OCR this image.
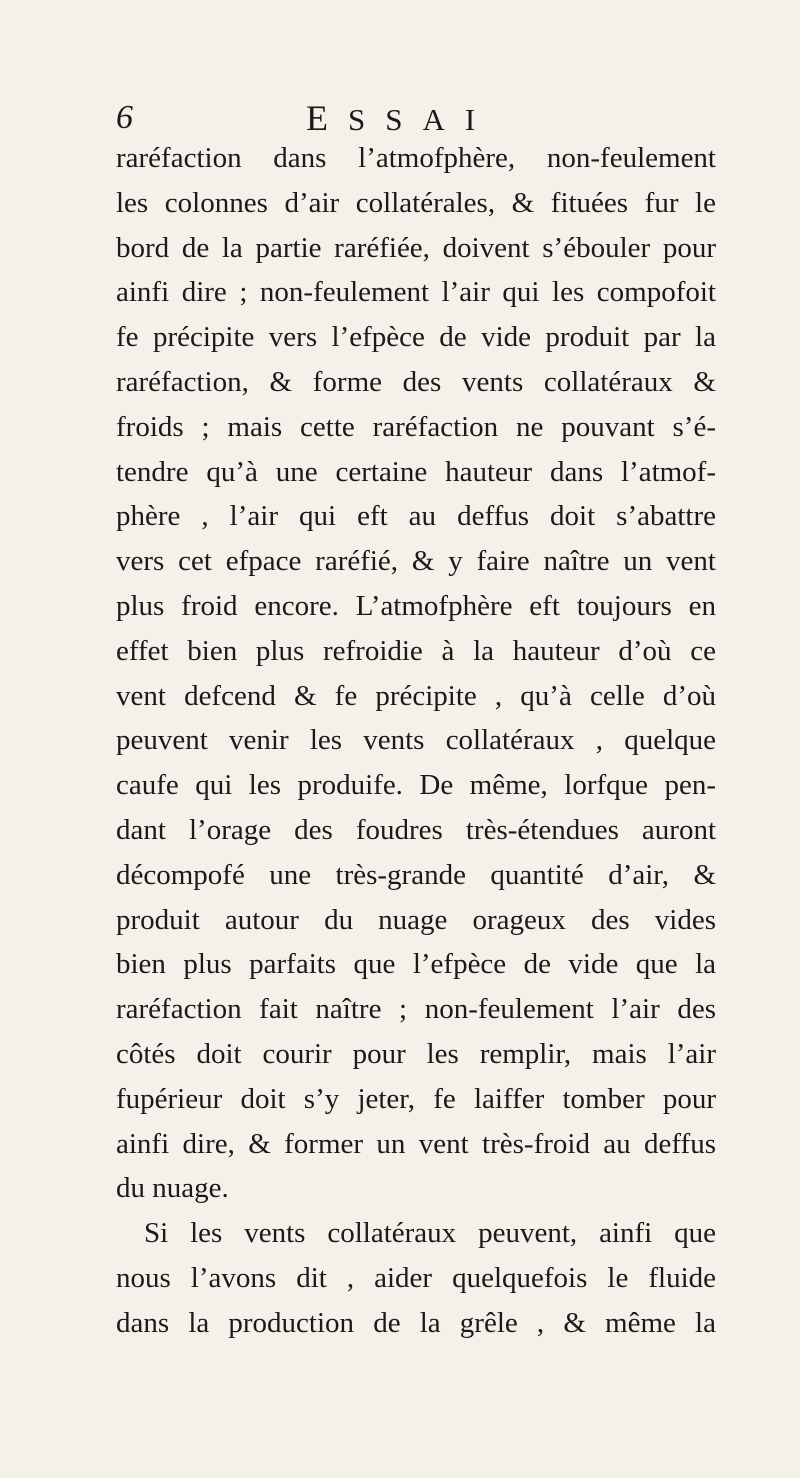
6	ESSAI
raréfaction dans l’atmofphère, non-feulement
les colonnes d’air collatérales, & fituées fur le
bord de la partie raréfiée, doivent s’ébouler pour
ainfi dire ; non-feulement l’air qui les compofoit
fe précipite vers l’efpèce de vide produit par la
raréfaction, & forme des vents collatéraux &
froids ; mais cette raréfaction ne pouvant s’é-
tendre qu’à une certaine hauteur dans l’atmof-
phère , l’air qui eft au deffus doit s’abattre
vers cet efpace raréfié, & y faire naître un vent
plus froid encore. L’atmofphère eft toujours en
effet bien plus refroidie à la hauteur d’où ce
vent defcend & fe précipite , qu’à celle d’où
peuvent venir les vents collatéraux , quelque
caufe qui les produife. De même, lorfque pen-
dant l’orage des foudres très-étendues auront
décompofé une très-grande quantité d’air, &
produit autour du nuage orageux des vides
bien plus parfaits que l’efpèce de vide que la
raréfaction fait naître ; non-feulement l’air des
côtés doit courir pour les remplir, mais l’air
fupérieur doit s’y jeter, fe laiffer tomber pour
ainfi dire, & former un vent très-froid au deffus
du nuage.
Si les vents collatéraux peuvent, ainfi que
nous l’avons dit , aider quelquefois le fluide
dans la production de la grêle , & même la
